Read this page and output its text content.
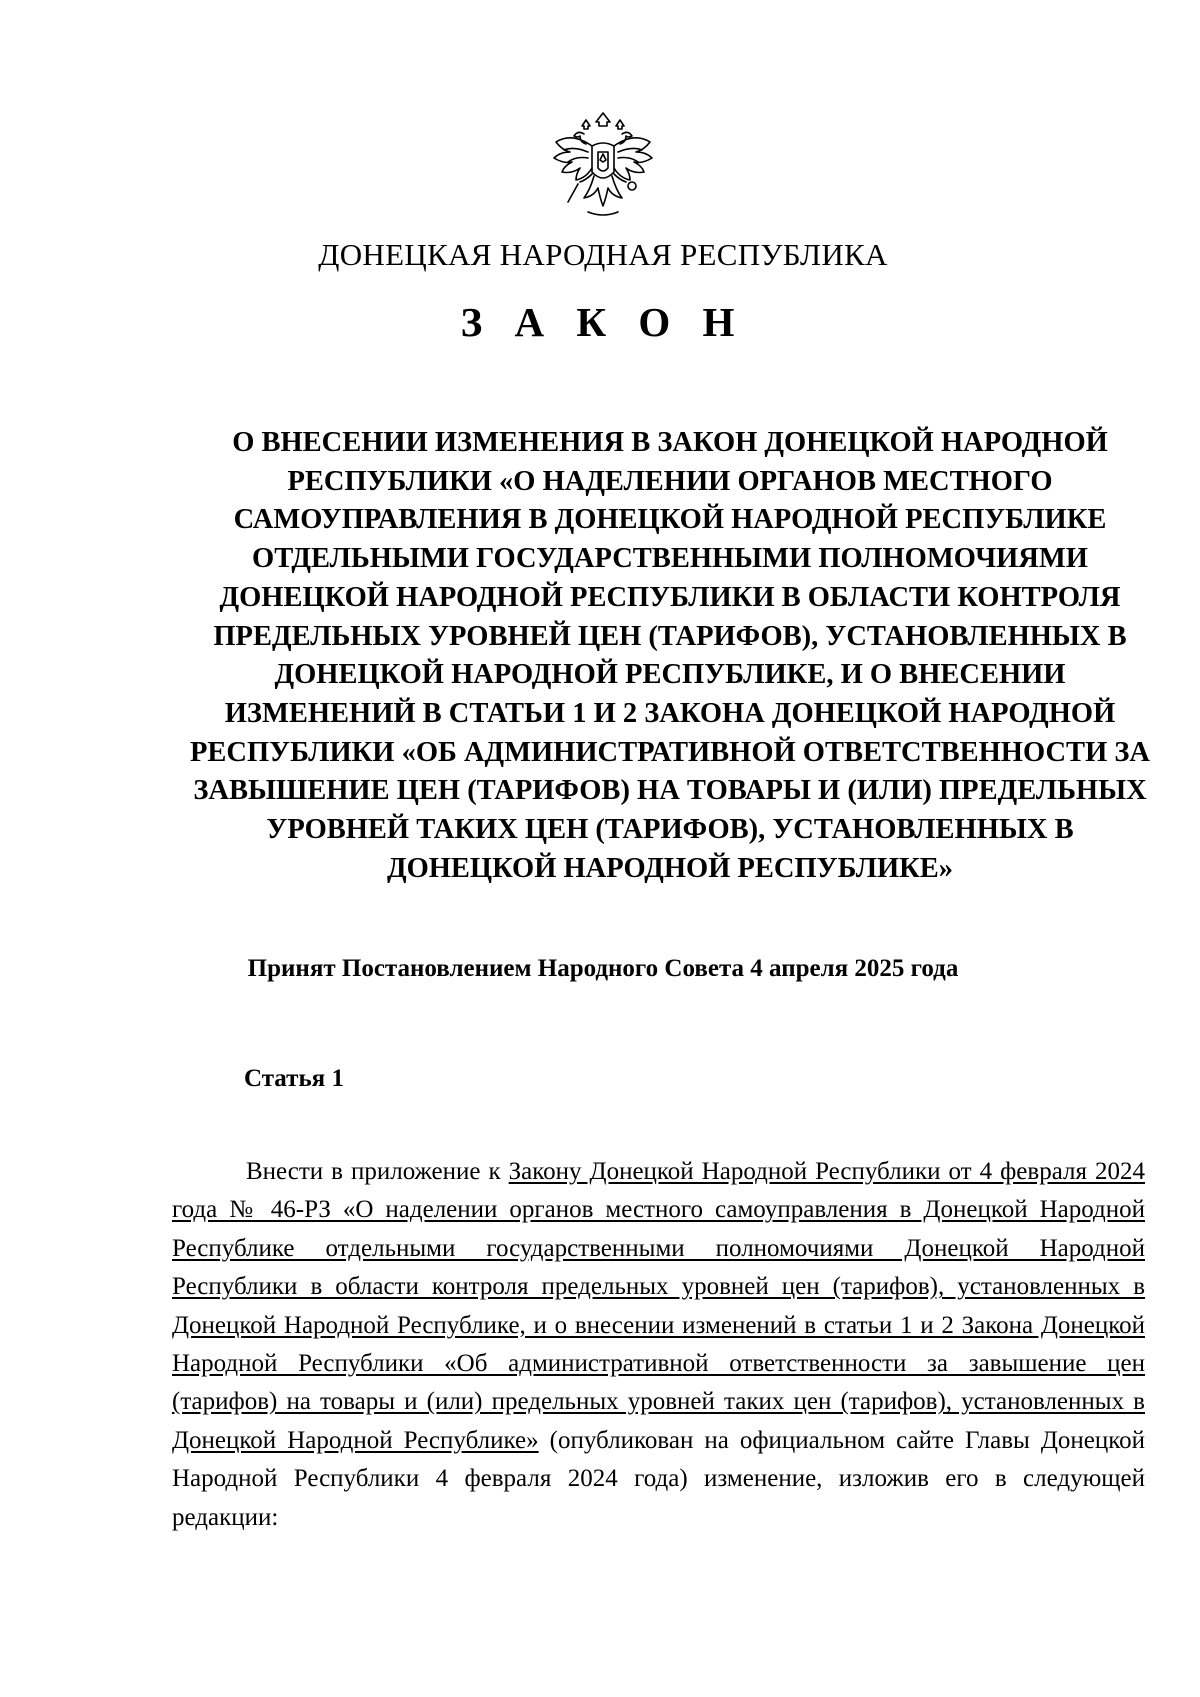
ДОНЕЦКАЯ НАРОДНАЯ РЕСПУБЛИКА
З А К О Н
О ВНЕСЕНИИ ИЗМЕНЕНИЯ В ЗАКОН ДОНЕЦКОЙ НАРОДНОЙ
РЕСПУБЛИКИ «О НАДЕЛЕНИИ ОРГАНОВ МЕСТНОГО
САМОУПРАВЛЕНИЯ В ДОНЕЦКОЙ НАРОДНОЙ РЕСПУБЛИКЕ
ОТДЕЛЬНЫМИ ГОСУДАРСТВЕННЫМИ ПОЛНОМОЧИЯМИ
ДОНЕЦКОЙ НАРОДНОЙ РЕСПУБЛИКИ В ОБЛАСТИ КОНТРОЛЯ
ПРЕДЕЛЬНЫХ УРОВНЕЙ ЦЕН (ТАРИФОВ), УСТАНОВЛЕННЫХ В
ДОНЕЦКОЙ НАРОДНОЙ РЕСПУБЛИКЕ, И О ВНЕСЕНИИ
ИЗМЕНЕНИЙ В СТАТЬИ 1 И 2 ЗАКОНА ДОНЕЦКОЙ НАРОДНОЙ
РЕСПУБЛИКИ «ОБ АДМИНИСТРАТИВНОЙ ОТВЕТСТВЕННОСТИ ЗА
ЗАВЫШЕНИЕ ЦЕН (ТАРИФОВ) НА ТОВАРЫ И (ИЛИ) ПРЕДЕЛЬНЫХ
УРОВНЕЙ ТАКИХ ЦЕН (ТАРИФОВ), УСТАНОВЛЕННЫХ В
ДОНЕЦКОЙ НАРОДНОЙ РЕСПУБЛИКЕ»
Принят Постановлением Народного Совета 4 апреля 2025 года
Статья 1

Внести в приложение к Закону Донецкой Народной Республики от 4 февраля 2024 года № 46-РЗ «О наделении органов местного самоуправления в Донецкой Народной Республике отдельными государственными полномочиями Донецкой Народной Республики в области контроля предельных уровней цен (тарифов), установленных в Донецкой Народной Республике, и о внесении изменений в статьи 1 и 2 Закона Донецкой Народной Республики «Об административной ответственности за завышение цен (тарифов) на товары и (или) предельных уровней таких цен (тарифов), установленных в Донецкой Народной Республике» (опубликован на официальном сайте Главы Донецкой Народной Республики 4 февраля 2024 года) изменение, изложив его в следующей редакции:
